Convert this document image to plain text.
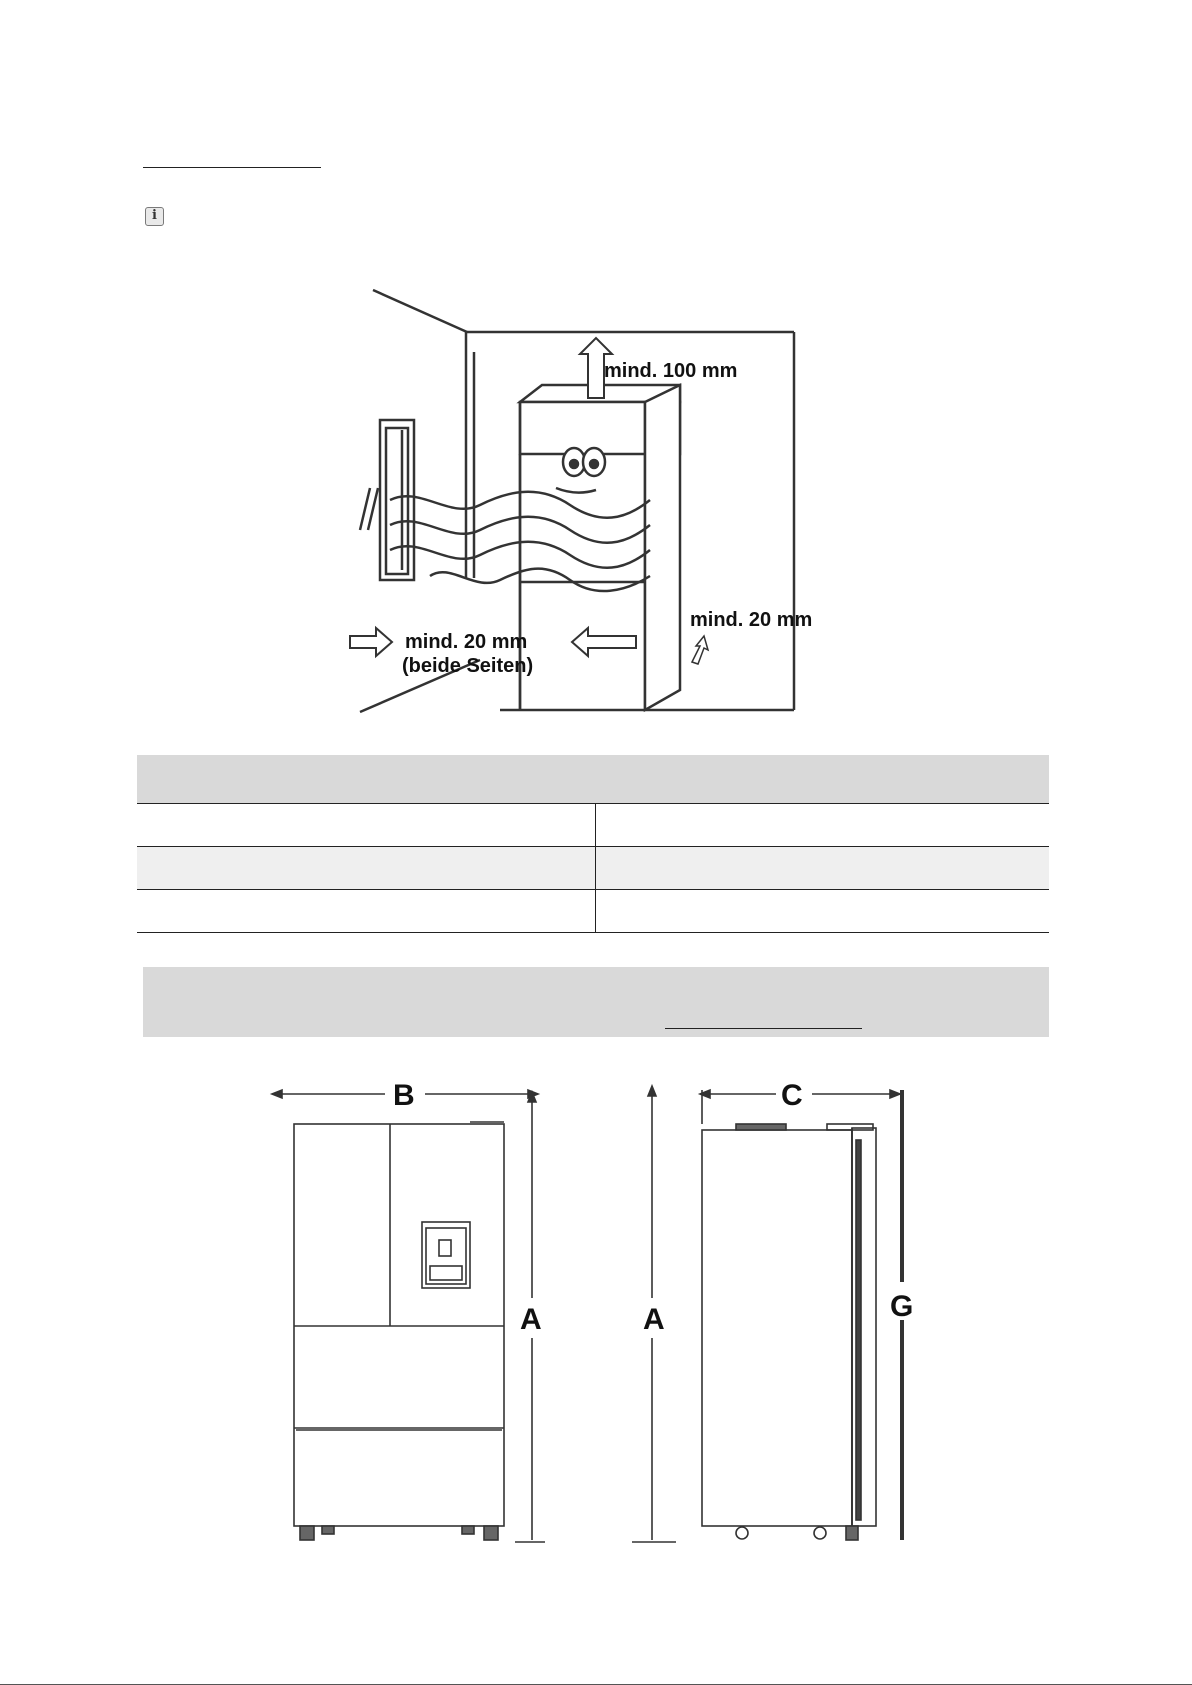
i
mind. 100 mm
mind. 20 mm
(beide Seiten)
mind. 20 mm
B
A	A
C
G
